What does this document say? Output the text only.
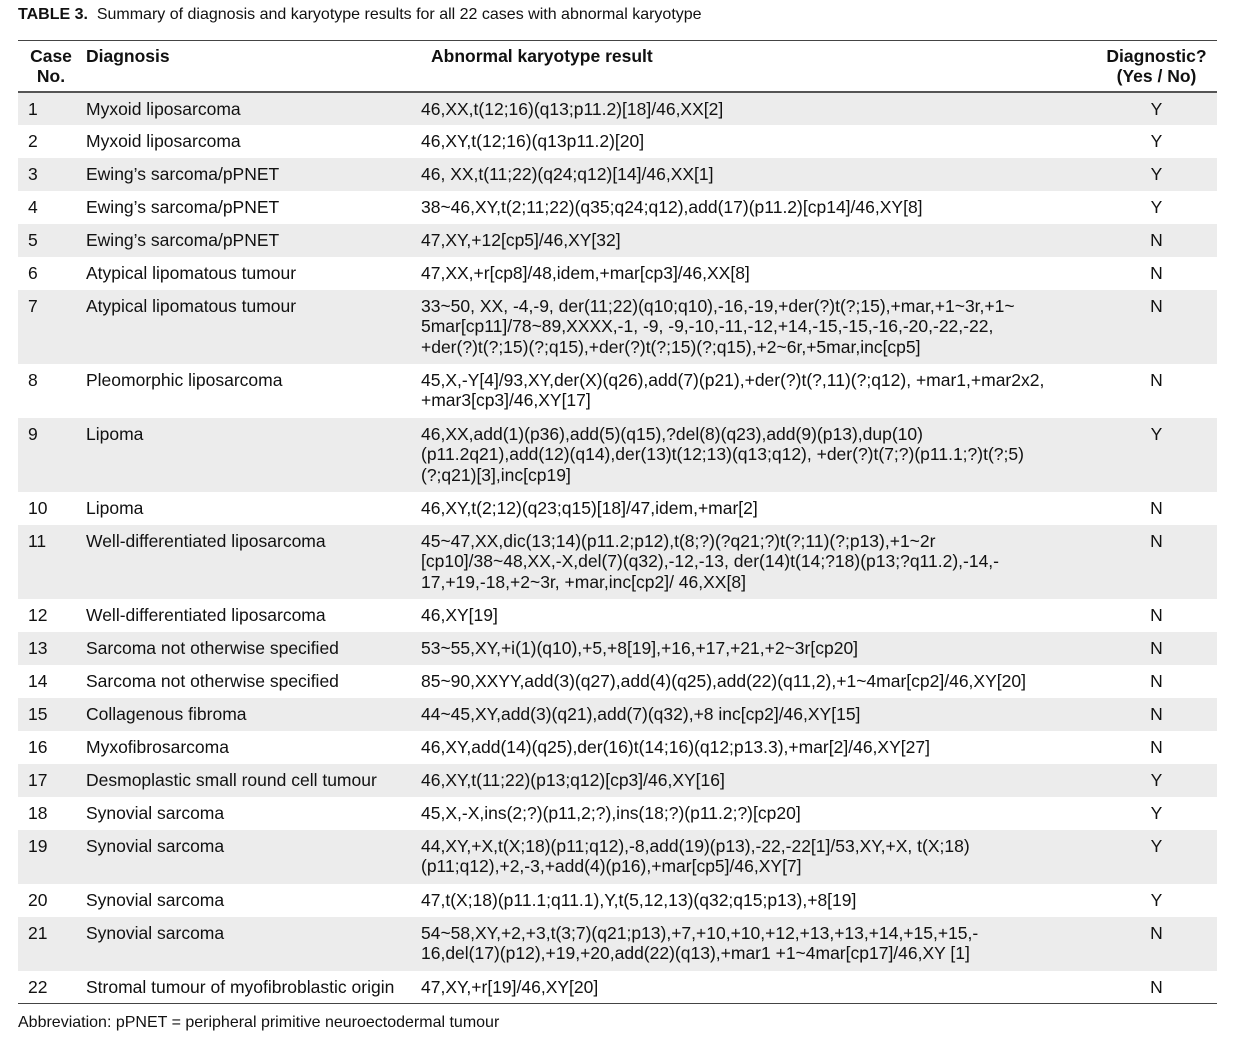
TABLE 3. Summary of diagnosis and karyotype results for all 22 cases with abnormal karyotype
Case
No.	Diagnosis	Abnormal karyotype result	Diagnostic?
(Yes / No)
1	Myxoid liposarcoma	46,XX,t(12;16)(q13;p11.2)[18]/46,XX[2]	Y
2	Myxoid liposarcoma	46,XY,t(12;16)(q13p11.2)[20]	Y
3	Ewing’s sarcoma/pPNET	46, XX,t(11;22)(q24;q12)[14]/46,XX[1]	Y
4	Ewing’s sarcoma/pPNET	38~46,XY,t(2;11;22)(q35;q24;q12),add(17)(p11.2)[cp14]/46,XY[8]	Y
5	Ewing’s sarcoma/pPNET	47,XY,+12[cp5]/46,XY[32]	N
6	Atypical lipomatous tumour	47,XX,+r[cp8]/48,idem,+mar[cp3]/46,XX[8]	N
7	Atypical lipomatous tumour	33~50, XX, -4,-9, der(11;22)(q10;q10),-16,-19,+der(?)t(?;15),+mar,+1~3r,+1~
5mar[cp11]/78~89,XXXX,-1, -9, -9,-10,-11,-12,+14,-15,-15,-16,-20,-22,-22,
+der(?)t(?;15)(?;q15),+der(?)t(?;15)(?;q15),+2~6r,+5mar,inc[cp5]	N
8	Pleomorphic liposarcoma	45,X,-Y[4]/93,XY,der(X)(q26),add(7)(p21),+der(?)t(?,11)(?;q12), +mar1,+mar2x2,
+mar3[cp3]/46,XY[17]	N
9	Lipoma	46,XX,add(1)(p36),add(5)(q15),?del(8)(q23),add(9)(p13),dup(10)
(p11.2q21),add(12)(q14),der(13)t(12;13)(q13;q12), +der(?)t(7;?)(p11.1;?)t(?;5)
(?;q21)[3],inc[cp19]	Y
10	Lipoma	46,XY,t(2;12)(q23;q15)[18]/47,idem,+mar[2]	N
11	Well-differentiated liposarcoma	45~47,XX,dic(13;14)(p11.2;p12),t(8;?)(?q21;?)t(?;11)(?;p13),+1~2r
[cp10]/38~48,XX,-X,del(7)(q32),-12,-13, der(14)t(14;?18)(p13;?q11.2),-14,-
17,+19,-18,+2~3r, +mar,inc[cp2]/ 46,XX[8]	N
12	Well-differentiated liposarcoma	46,XY[19]	N
13	Sarcoma not otherwise specified	53~55,XY,+i(1)(q10),+5,+8[19],+16,+17,+21,+2~3r[cp20]	N
14	Sarcoma not otherwise specified	85~90,XXYY,add(3)(q27),add(4)(q25),add(22)(q11,2),+1~4mar[cp2]/46,XY[20]	N
15	Collagenous fibroma	44~45,XY,add(3)(q21),add(7)(q32),+8 inc[cp2]/46,XY[15]	N
16	Myxofibrosarcoma	46,XY,add(14)(q25),der(16)t(14;16)(q12;p13.3),+mar[2]/46,XY[27]	N
17	Desmoplastic small round cell tumour	46,XY,t(11;22)(p13;q12)[cp3]/46,XY[16]	Y
18	Synovial sarcoma	45,X,-X,ins(2;?)(p11,2;?),ins(18;?)(p11.2;?)[cp20]	Y
19	Synovial sarcoma	44,XY,+X,t(X;18)(p11;q12),-8,add(19)(p13),-22,-22[1]/53,XY,+X, t(X;18)
(p11;q12),+2,-3,+add(4)(p16),+mar[cp5]/46,XY[7]	Y
20	Synovial sarcoma	47,t(X;18)(p11.1;q11.1),Y,t(5,12,13)(q32;q15;p13),+8[19]	Y
21	Synovial sarcoma	54~58,XY,+2,+3,t(3;7)(q21;p13),+7,+10,+10,+12,+13,+13,+14,+15,+15,-
16,del(17)(p12),+19,+20,add(22)(q13),+mar1 +1~4mar[cp17]/46,XY [1]	N
22	Stromal tumour of myofibroblastic origin	47,XY,+r[19]/46,XY[20]	N
Abbreviation: pPNET = peripheral primitive neuroectodermal tumour
